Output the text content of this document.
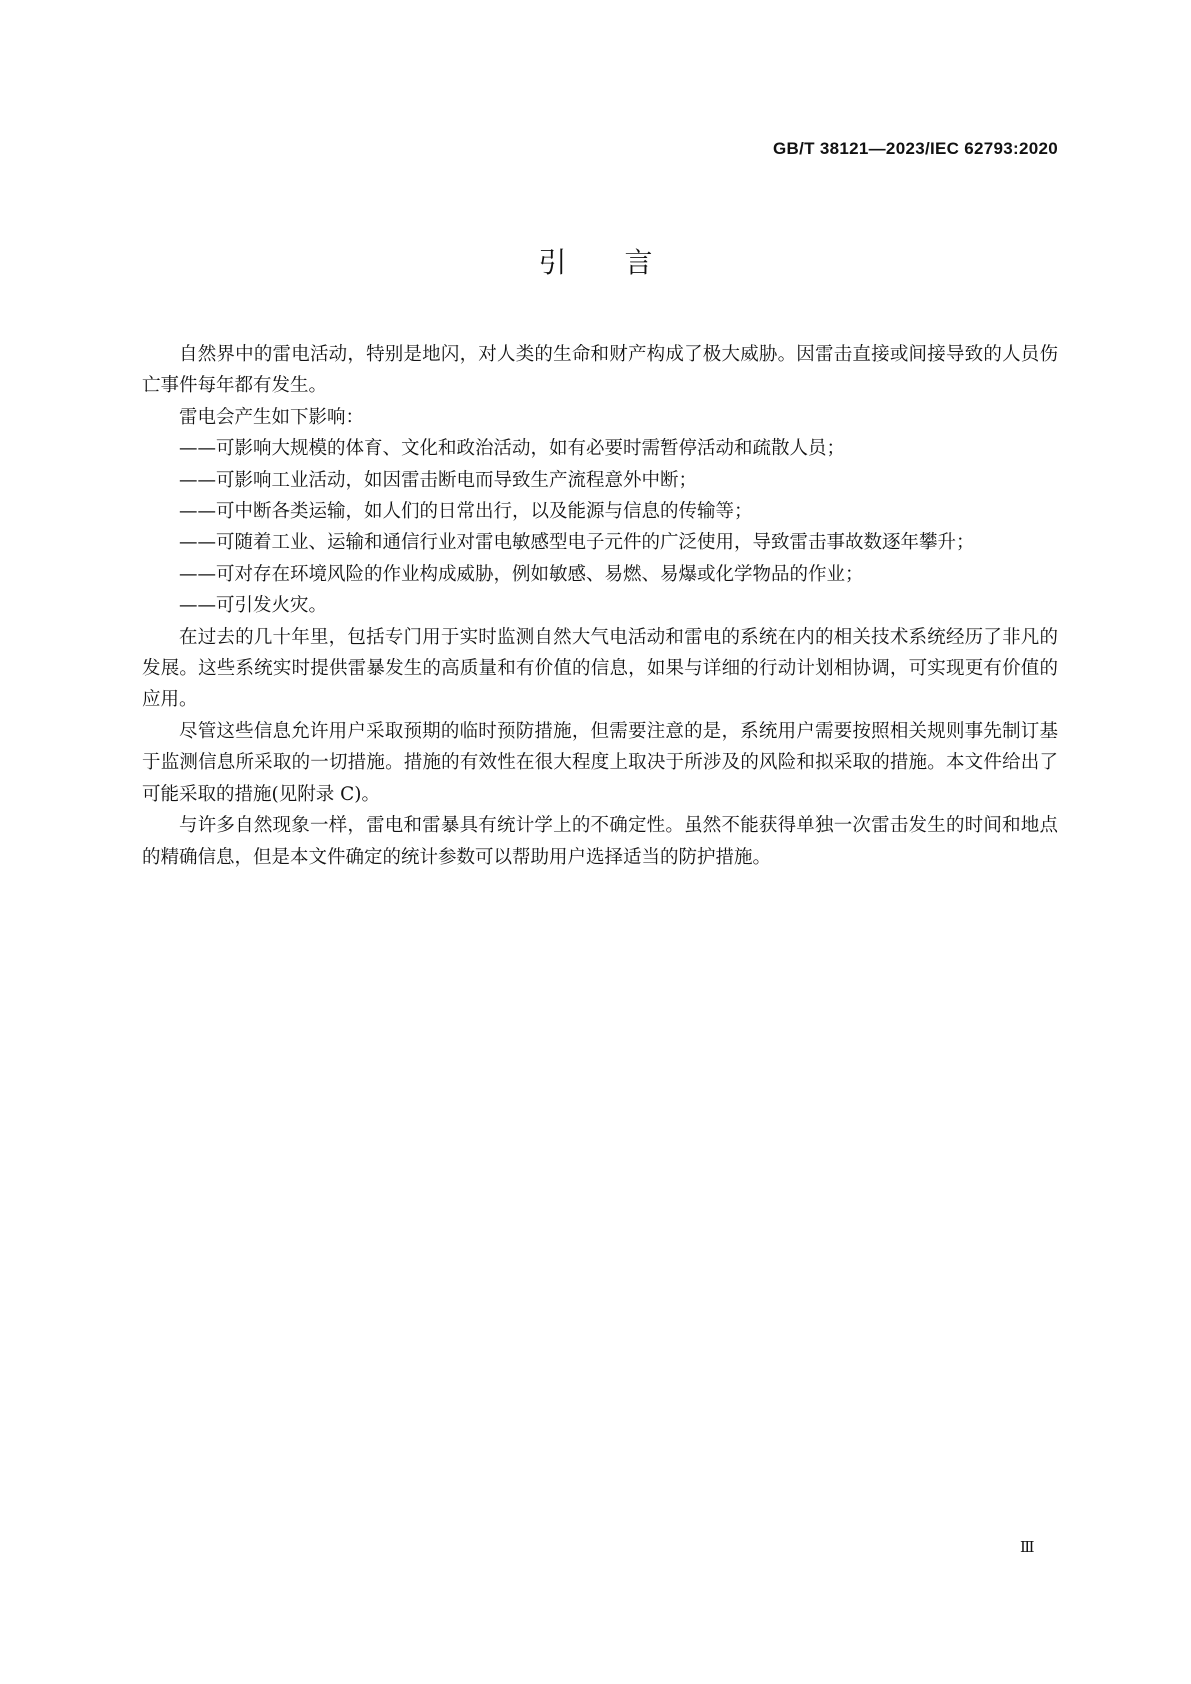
GB/T 38121—2023/IEC 62793:2020
引言

自然界中的雷电活动，特别是地闪，对人类的生命和财产构成了极大威胁。因雷击直接或间接导致的人员伤亡事件每年都有发生。

雷电会产生如下影响：

——可影响大规模的体育、文化和政治活动，如有必要时需暂停活动和疏散人员；

——可影响工业活动，如因雷击断电而导致生产流程意外中断；

——可中断各类运输，如人们的日常出行，以及能源与信息的传输等；

——可随着工业、运输和通信行业对雷电敏感型电子元件的广泛使用，导致雷击事故数逐年攀升；

——可对存在环境风险的作业构成威胁，例如敏感、易燃、易爆或化学物品的作业；

——可引发火灾。

在过去的几十年里，包括专门用于实时监测自然大气电活动和雷电的系统在内的相关技术系统经历了非凡的发展。这些系统实时提供雷暴发生的高质量和有价值的信息，如果与详细的行动计划相协调，可实现更有价值的应用。

尽管这些信息允许用户采取预期的临时预防措施，但需要注意的是，系统用户需要按照相关规则事先制订基于监测信息所采取的一切措施。措施的有效性在很大程度上取决于所涉及的风险和拟采取的措施。本文件给出了可能采取的措施(见附录 C)。

与许多自然现象一样，雷电和雷暴具有统计学上的不确定性。虽然不能获得单独一次雷击发生的时间和地点的精确信息，但是本文件确定的统计参数可以帮助用户选择适当的防护措施。

Ⅲ
